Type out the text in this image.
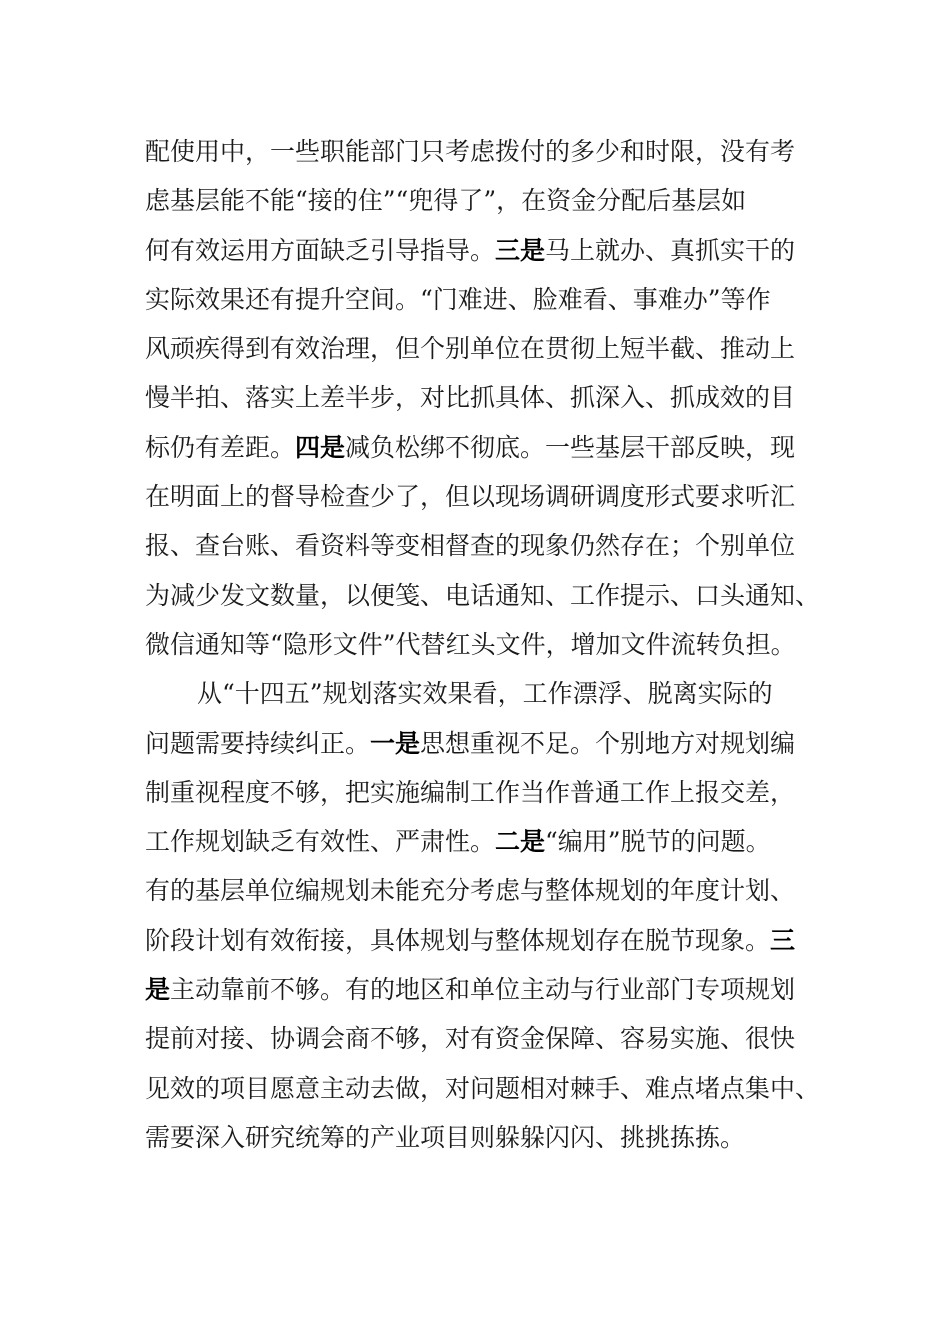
配使用中，一些职能部门只考虑拨付的多少和时限，没有考
虑基层能不能“接的住”“兜得了”，在资金分配后基层如
何有效运用方面缺乏引导指导。三是马上就办、真抓实干的
实际效果还有提升空间。“门难进、脸难看、事难办”等作
风顽疾得到有效治理，但个别单位在贯彻上短半截、推动上
慢半拍、落实上差半步，对比抓具体、抓深入、抓成效的目
标仍有差距。四是减负松绑不彻底。一些基层干部反映，现
在明面上的督导检查少了，但以现场调研调度形式要求听汇
报、查台账、看资料等变相督查的现象仍然存在；个别单位
为减少发文数量，以便笺、电话通知、工作提示、口头通知、
微信通知等“隐形文件”代替红头文件，增加文件流转负担。
从“十四五”规划落实效果看，工作漂浮、脱离实际的
问题需要持续纠正。一是思想重视不足。个别地方对规划编
制重视程度不够，把实施编制工作当作普通工作上报交差，
工作规划缺乏有效性、严肃性。二是“编用”脱节的问题。
有的基层单位编规划未能充分考虑与整体规划的年度计划、
阶段计划有效衔接，具体规划与整体规划存在脱节现象。三
是主动靠前不够。有的地区和单位主动与行业部门专项规划
提前对接、协调会商不够，对有资金保障、容易实施、很快
见效的项目愿意主动去做，对问题相对棘手、难点堵点集中、
需要深入研究统筹的产业项目则躲躲闪闪、挑挑拣拣。
